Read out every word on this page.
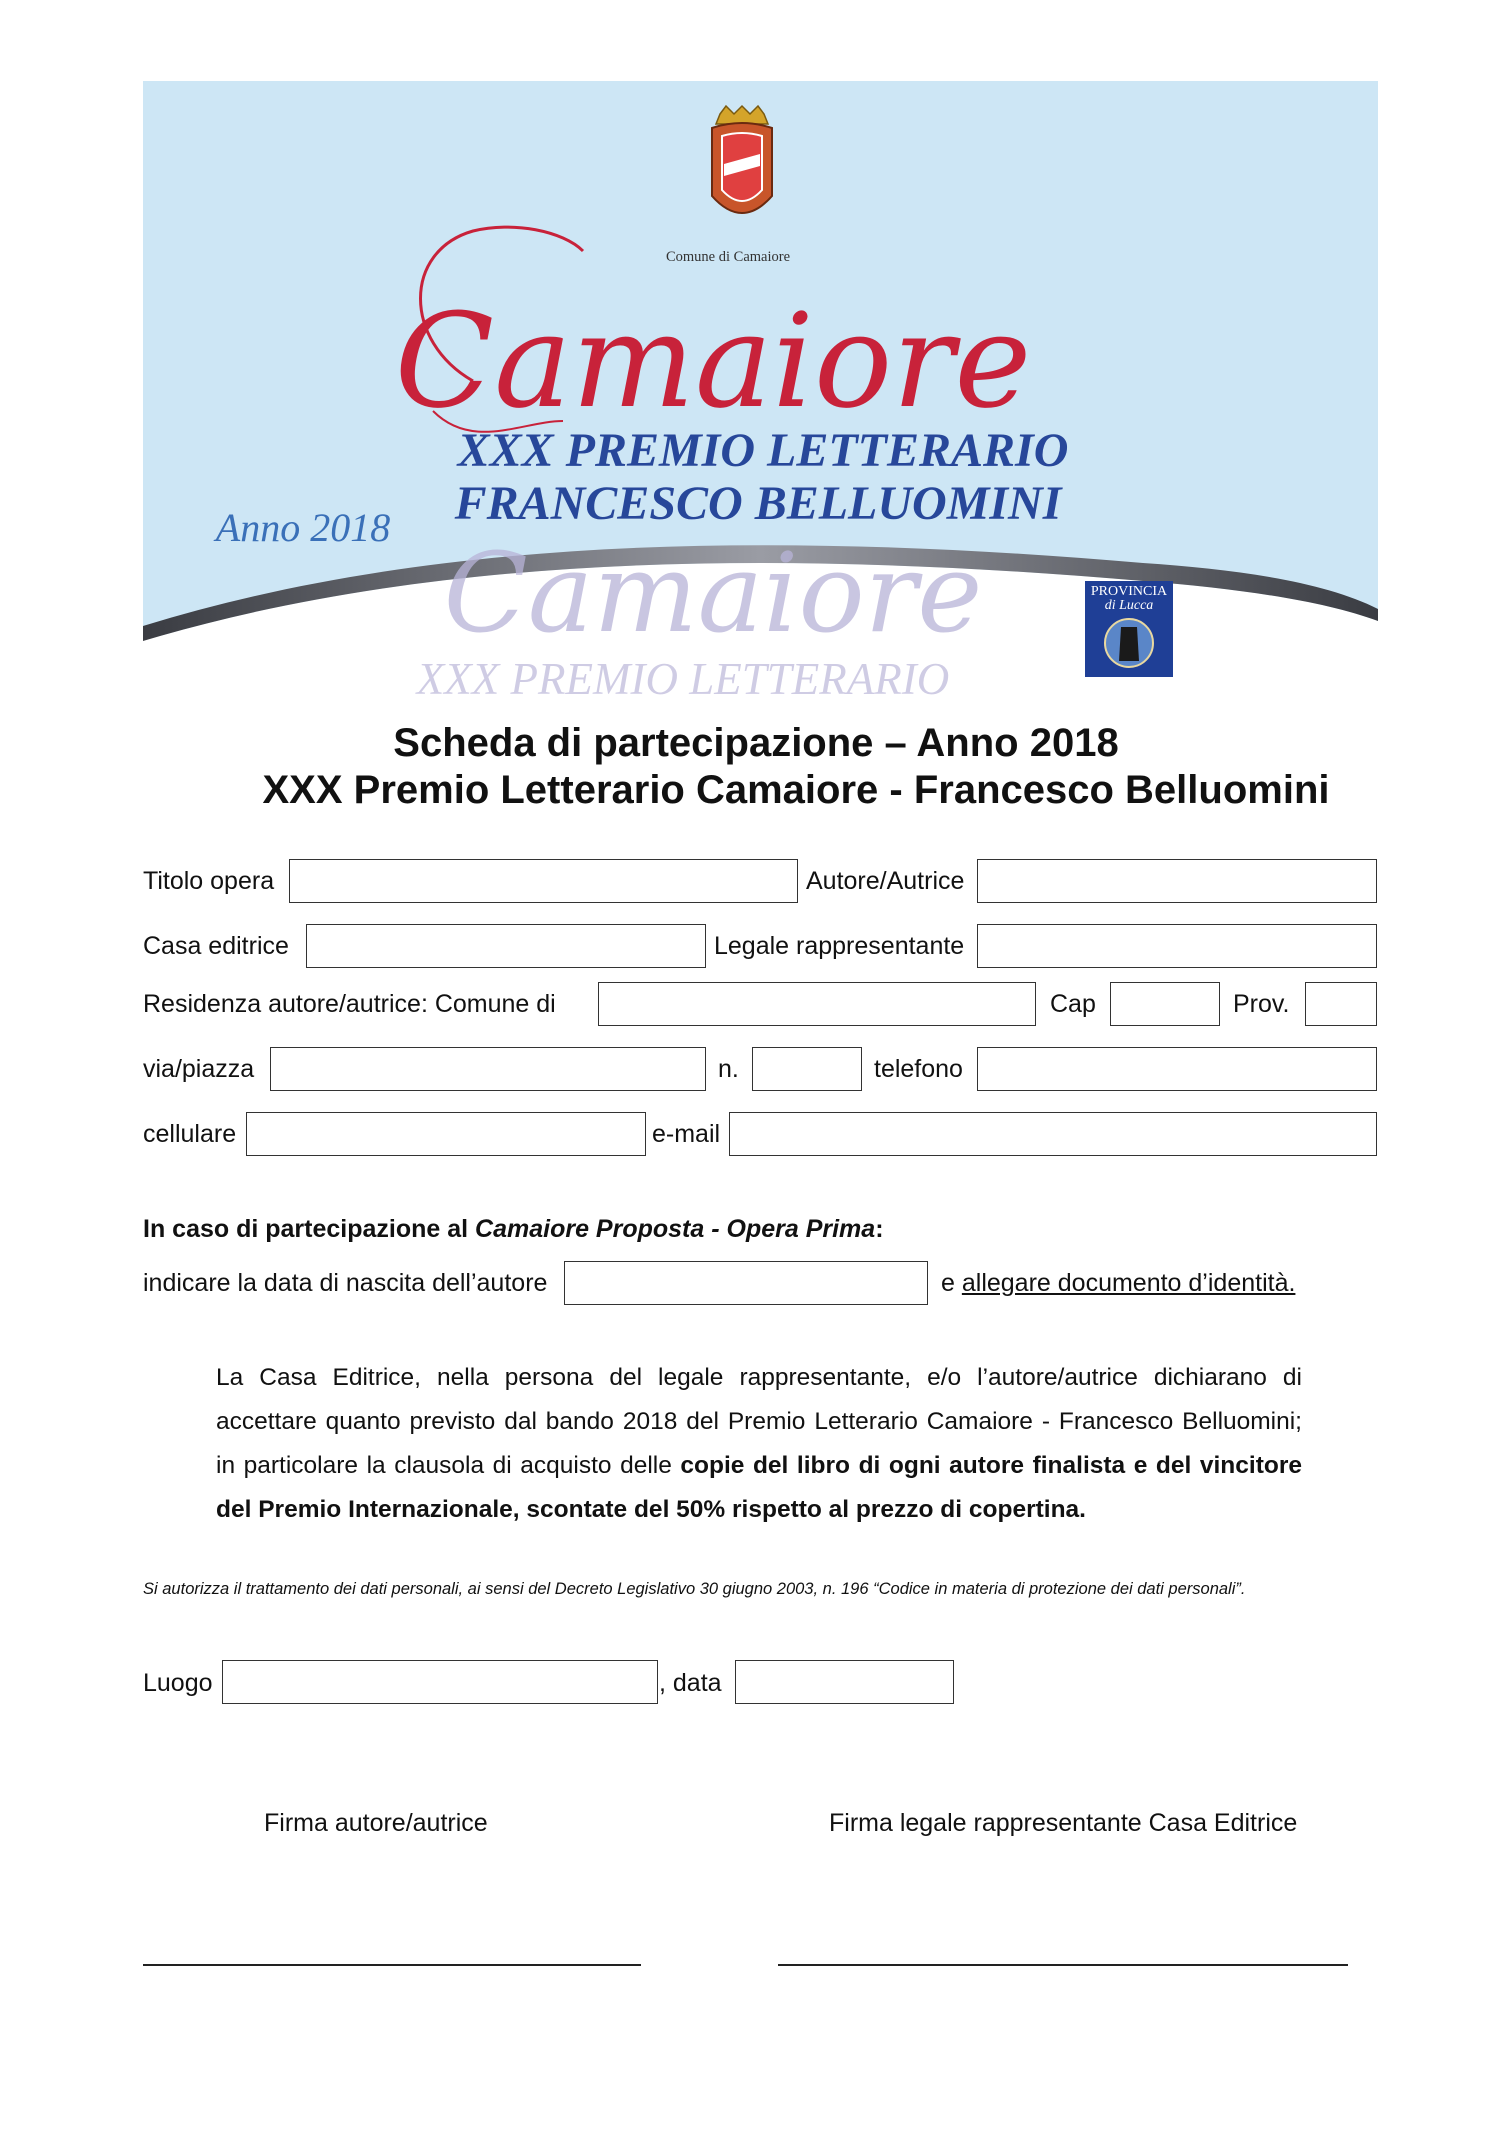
Comune di Camaiore
Camaiore
XXX PREMIO LETTERARIO
FRANCESCO BELLUOMINI
Anno 2018
Camaiore
XXX PREMIO LETTERARIO
PROVINCIA
di Lucca
Scheda di partecipazione – Anno 2018
XXX Premio Letterario Camaiore - Francesco Belluomini
Titolo opera	Autore/Autrice
Casa editrice	Legale rappresentante
Residenza autore/autrice: Comune di	Cap	Prov.
via/piazza	n.	telefono
cellulare	e-mail
In caso di partecipazione al Camaiore Proposta - Opera Prima:
indicare la data di nascita dell’autore	e allegare documento d’identità.
La Casa Editrice, nella persona del legale rappresentante, e/o l’autore/autrice dichiarano di accettare quanto previsto dal bando 2018 del Premio Letterario Camaiore - Francesco Belluomini; in particolare la clausola di acquisto delle copie del libro di ogni autore finalista e del vincitore del Premio Internazionale, scontate del 50% rispetto al prezzo di copertina.
Si autorizza il trattamento dei dati personali, ai sensi del Decreto Legislativo 30 giugno 2003, n. 196 “Codice in materia di protezione dei dati personali”.
Luogo	, data
Firma autore/autrice	Firma legale rappresentante Casa Editrice
